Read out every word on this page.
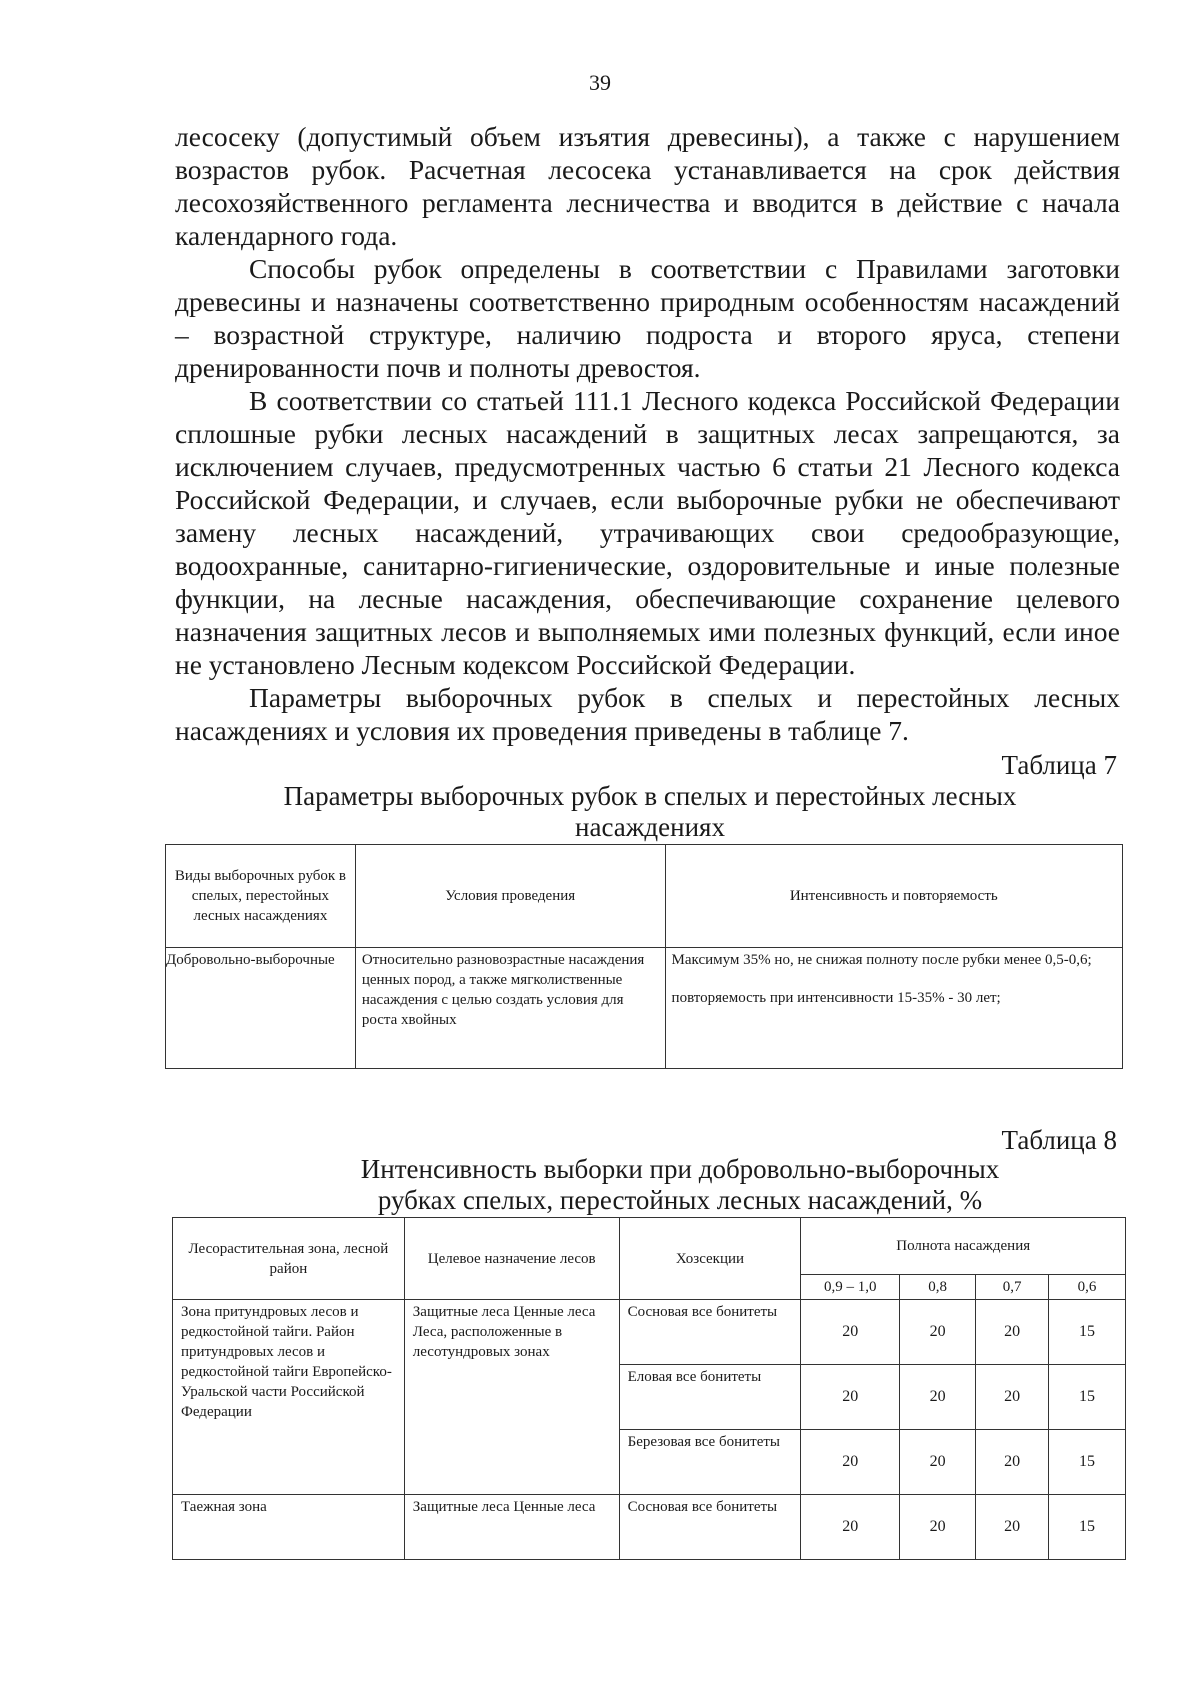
39

лесосеку (допустимый объем изъятия древесины), а также с нарушением возрастов рубок. Расчетная лесосека устанавливается на срок действия лесохозяйственного регламента лесничества и вводится в действие с начала календарного года.

Способы рубок определены в соответствии с Правилами заготовки древесины и назначены соответственно природным особенностям насаждений – возрастной структуре, наличию подроста и второго яруса, степени дренированности почв и полноты древостоя.

В соответствии со статьей 111.1 Лесного кодекса Российской Федерации сплошные рубки лесных насаждений в защитных лесах запрещаются, за исключением случаев, предусмотренных частью 6 статьи 21 Лесного кодекса Российской Федерации, и случаев, если выборочные рубки не обеспечивают замену лесных насаждений, утрачивающих свои средообразующие, водоохранные, санитарно-гигиенические, оздоровительные и иные полезные функции, на лесные насаждения, обеспечивающие сохранение целевого назначения защитных лесов и выполняемых ими полезных функций, если иное не установлено Лесным кодексом Российской Федерации.

Параметры выборочных рубок в спелых и перестойных лесных насаждениях и условия их проведения приведены в таблице 7.

Таблица 7
Параметры выборочных рубок в спелых и перестойных лесных насаждениях
Виды выборочных рубок в спелых, перестойных лесных насаждениях	Условия проведения	Интенсивность и повторяемость
Добровольно-выборочные	Относительно разновозрастные насаждения ценных пород, а также мягколиственные насаждения с целью создать условия для роста хвойных	Максимум 35% но, не снижая полноту после рубки менее 0,5-0,6;
повторяемость при интенсивности 15-35% - 30 лет;
Таблица 8
Интенсивность выборки при добровольно-выборочных рубках спелых, перестойных лесных насаждений, %
Лесорастительная зона, лесной район	Целевое назначение лесов	Хозсекции	Полнота насаждения			
			0,9 – 1,0	0,8	0,7	0,6
Зона притундровых лесов и редкостойной тайги. Район притундровых лесов и редкостойной тайги Европейско-Уральской части Российской Федерации	Защитные леса Ценные леса Леса, расположенные в лесотундровых зонах	Сосновая все бонитеты	20	20	20	15
		Еловая все бонитеты	20	20	20	15
		Березовая все бонитеты	20	20	20	15
Таежная зона	Защитные леса Ценные леса	Сосновая все бонитеты	20	20	20	15
